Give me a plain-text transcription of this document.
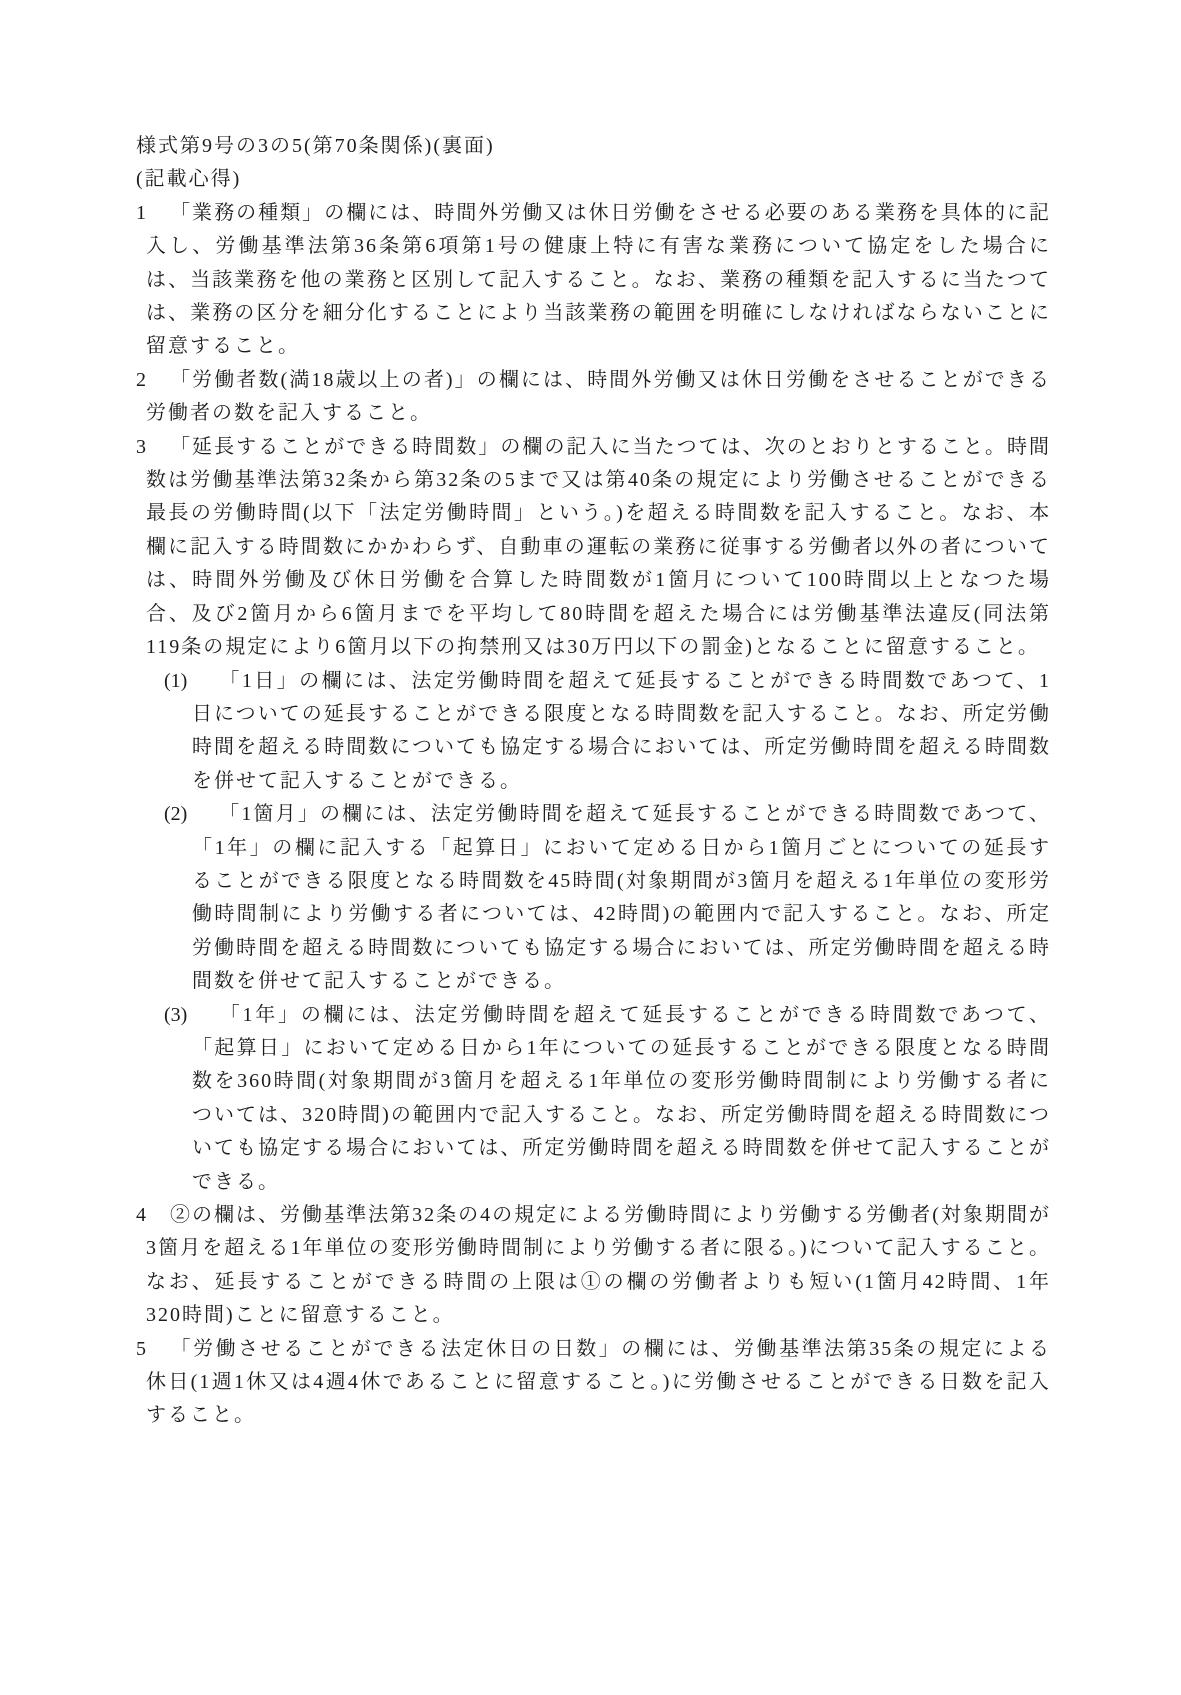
様式第9号の3の5(第70条関係)(裏面)

(記載心得)

1 「業務の種類」の欄には、時間外労働又は休日労働をさせる必要のある業務を具体的に記入し、労働基準法第36条第6項第1号の健康上特に有害な業務について協定をした場合には、当該業務を他の業務と区別して記入すること。なお、業務の種類を記入するに当たつては、業務の区分を細分化することにより当該業務の範囲を明確にしなければならないことに留意すること。
2 「労働者数(満18歳以上の者)」の欄には、時間外労働又は休日労働をさせることができる労働者の数を記入すること。
3 「延長することができる時間数」の欄の記入に当たつては、次のとおりとすること。時間数は労働基準法第32条から第32条の5まで又は第40条の規定により労働させることができる最長の労働時間(以下「法定労働時間」という。)を超える時間数を記入すること。なお、本欄に記入する時間数にかかわらず、自動車の運転の業務に従事する労働者以外の者については、時間外労働及び休日労働を合算した時間数が1箇月について100時間以上となつた場合、及び2箇月から6箇月までを平均して80時間を超えた場合には労働基準法違反(同法第119条の規定により6箇月以下の拘禁刑又は30万円以下の罰金)となることに留意すること。
(1) 「1日」の欄には、法定労働時間を超えて延長することができる時間数であつて、1日についての延長することができる限度となる時間数を記入すること。なお、所定労働時間を超える時間数についても協定する場合においては、所定労働時間を超える時間数を併せて記入することができる。
(2) 「1箇月」の欄には、法定労働時間を超えて延長することができる時間数であつて、「1年」の欄に記入する「起算日」において定める日から1箇月ごとについての延長することができる限度となる時間数を45時間(対象期間が3箇月を超える1年単位の変形労働時間制により労働する者については、42時間)の範囲内で記入すること。なお、所定労働時間を超える時間数についても協定する場合においては、所定労働時間を超える時間数を併せて記入することができる。
(3) 「1年」の欄には、法定労働時間を超えて延長することができる時間数であつて、「起算日」において定める日から1年についての延長することができる限度となる時間数を360時間(対象期間が3箇月を超える1年単位の変形労働時間制により労働する者については、320時間)の範囲内で記入すること。なお、所定労働時間を超える時間数についても協定する場合においては、所定労働時間を超える時間数を併せて記入することができる。
4 ②の欄は、労働基準法第32条の4の規定による労働時間により労働する労働者(対象期間が3箇月を超える1年単位の変形労働時間制により労働する者に限る。)について記入すること。なお、延長することができる時間の上限は①の欄の労働者よりも短い(1箇月42時間、1年320時間)ことに留意すること。
5 「労働させることができる法定休日の日数」の欄には、労働基準法第35条の規定による休日(1週1休又は4週4休であることに留意すること。)に労働させることができる日数を記入すること。
